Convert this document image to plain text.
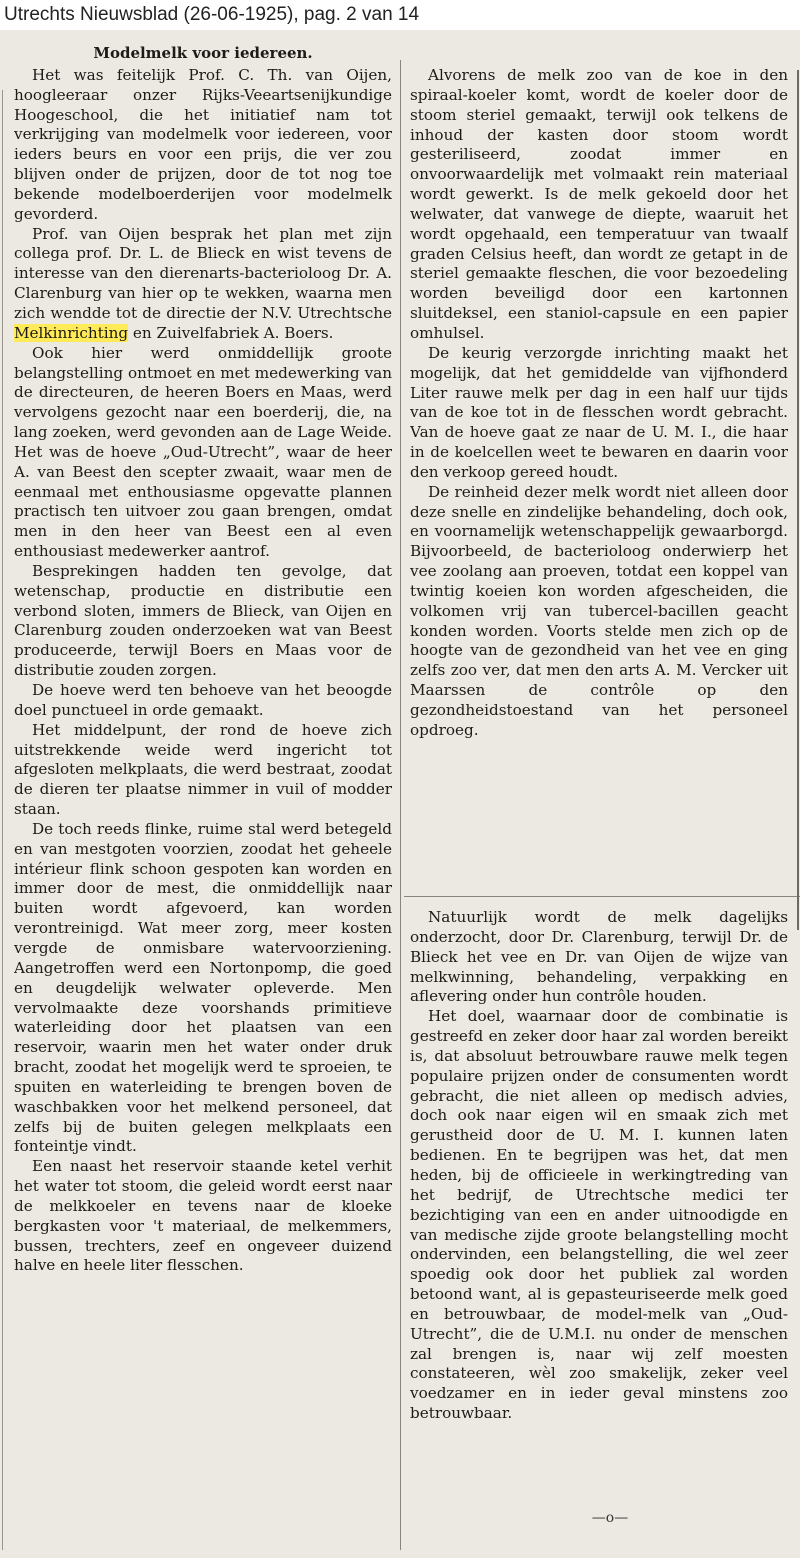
Utrechts Nieuwsblad (26-06-1925), pag. 2 van 14

Modelmelk voor iedereen.

Het was feitelijk Prof. C. Th. van Oijen, hoogleeraar onzer Rijks-Veeartsenijkundige Hoogeschool, die het initiatief nam tot verkrijging van modelmelk voor iedereen, voor ieders beurs en voor een prijs, die ver zou blijven onder de prijzen, door de tot nog toe bekende modelboerderijen voor modelmelk gevorderd.

Prof. van Oijen besprak het plan met zijn collega prof. Dr. L. de Blieck en wist tevens de interesse van den dierenarts-bacterioloog Dr. A. Clarenburg van hier op te wekken, waarna men zich wendde tot de directie der N.V. Utrechtsche Melkinrichting en Zuivelfabriek A. Boers.

Ook hier werd onmiddellijk groote belangstelling ontmoet en met medewerking van de directeuren, de heeren Boers en Maas, werd vervolgens gezocht naar een boerderij, die, na lang zoeken, werd gevonden aan de Lage Weide. Het was de hoeve „Oud-Utrecht”, waar de heer A. van Beest den scepter zwaait, waar men de eenmaal met enthousiasme opgevatte plannen practisch ten uitvoer zou gaan brengen, omdat men in den heer van Beest een al even enthousiast medewerker aantrof.

Besprekingen hadden ten gevolge, dat wetenschap, productie en distributie een verbond sloten, immers de Blieck, van Oijen en Clarenburg zouden onderzoeken wat van Beest produceerde, terwijl Boers en Maas voor de distributie zouden zorgen.

De hoeve werd ten behoeve van het beoogde doel punctueel in orde gemaakt.

Het middelpunt, der rond de hoeve zich uitstrekkende weide werd ingericht tot afgesloten melkplaats, die werd bestraat, zoodat de dieren ter plaatse nimmer in vuil of modder staan.

De toch reeds flinke, ruime stal werd betegeld en van mestgoten voorzien, zoodat het geheele intérieur flink schoon gespoten kan worden en immer door de mest, die onmiddellijk naar buiten wordt afgevoerd, kan worden verontreinigd. Wat meer zorg, meer kosten vergde de onmisbare watervoorziening. Aangetroffen werd een Nortonpomp, die goed en deugdelijk welwater opleverde. Men vervolmaakte deze voorshands primitieve waterleiding door het plaatsen van een reservoir, waarin men het water onder druk bracht, zoodat het mogelijk werd te sproeien, te spuiten en waterleiding te brengen boven de waschbakken voor het melkend personeel, dat zelfs bij de buiten gelegen melkplaats een fonteintje vindt.

Een naast het reservoir staande ketel verhit het water tot stoom, die geleid wordt eerst naar de melkkoeler en tevens naar de kloeke bergkasten voor 't materiaal, de melkemmers, bussen, trechters, zeef en ongeveer duizend halve en heele liter flesschen.

Alvorens de melk zoo van de koe in den spiraal-koeler komt, wordt de koeler door de stoom steriel gemaakt, terwijl ook telkens de inhoud der kasten door stoom wordt gesteriliseerd, zoodat immer en onvoorwaardelijk met volmaakt rein materiaal wordt gewerkt. Is de melk gekoeld door het welwater, dat vanwege de diepte, waaruit het wordt opgehaald, een temperatuur van twaalf graden Celsius heeft, dan wordt ze getapt in de steriel gemaakte fleschen, die voor bezoedeling worden beveiligd door een kartonnen sluitdeksel, een staniol-capsule en een papier omhulsel.

De keurig verzorgde inrichting maakt het mogelijk, dat het gemiddelde van vijfhonderd Liter rauwe melk per dag in een half uur tijds van de koe tot in de flesschen wordt gebracht. Van de hoeve gaat ze naar de U. M. I., die haar in de koelcellen weet te bewaren en daarin voor den verkoop gereed houdt.

De reinheid dezer melk wordt niet alleen door deze snelle en zindelijke behandeling, doch ook, en voornamelijk wetenschappelijk gewaarborgd. Bijvoorbeeld, de bacterioloog onderwierp het vee zoolang aan proeven, totdat een koppel van twintig koeien kon worden afgescheiden, die volkomen vrij van tubercel-bacillen geacht konden worden. Voorts stelde men zich op de hoogte van de gezondheid van het vee en ging zelfs zoo ver, dat men den arts A. M. Vercker uit Maarssen de contrôle op den gezondheidstoestand van het personeel opdroeg.

Natuurlijk wordt de melk dagelijks onderzocht, door Dr. Clarenburg, terwijl Dr. de Blieck het vee en Dr. van Oijen de wijze van melkwinning, behandeling, verpakking en aflevering onder hun contrôle houden.

Het doel, waarnaar door de combinatie is gestreefd en zeker door haar zal worden bereikt is, dat absoluut betrouwbare rauwe melk tegen populaire prijzen onder de consumenten wordt gebracht, die niet alleen op medisch advies, doch ook naar eigen wil en smaak zich met gerustheid door de U. M. I. kunnen laten bedienen. En te begrijpen was het, dat men heden, bij de officieele in werkingtreding van het bedrijf, de Utrechtsche medici ter bezichtiging van een en ander uitnoodigde en van medische zijde groote belangstelling mocht ondervinden, een belangstelling, die wel zeer spoedig ook door het publiek zal worden betoond want, al is gepasteuriseerde melk goed en betrouwbaar, de model-melk van „Oud-Utrecht”, die de U.M.I. nu onder de menschen zal brengen is, naar wij zelf moesten constateeren, wèl zoo smakelijk, zeker veel voedzamer en in ieder geval minstens zoo betrouwbaar.

—o—
